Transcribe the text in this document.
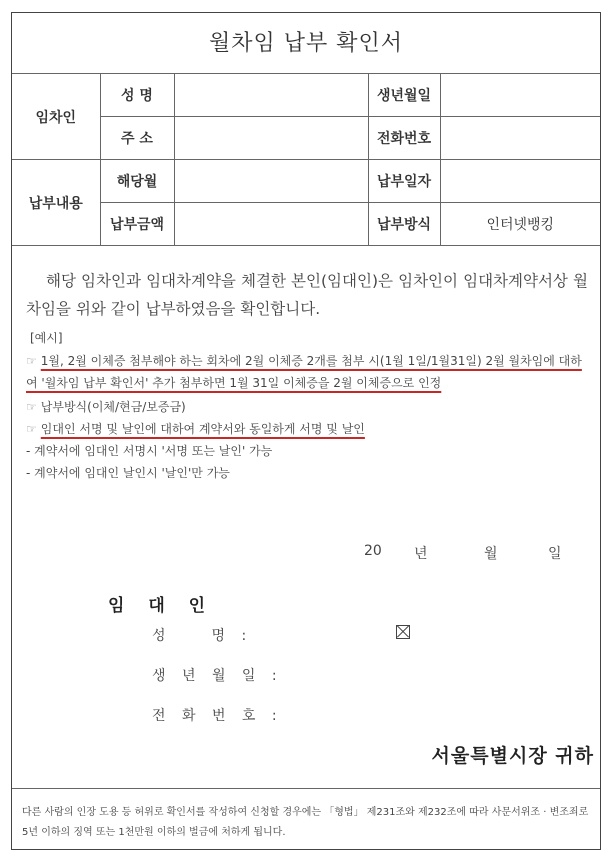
월차임 납부 확인서
임차인	성 명		생년월일	
	주 소		전화번호	
납부내용	해당월		납부일자	
	납부금액		납부방식	인터넷뱅킹
해당 임차인과 임대차계약을 체결한 본인(임대인)은 임차인이 임대차계약서상 월차임을 위와 같이 납부하였음을 확인합니다.
[예시]
☞ 1월, 2월 이체증 첨부해야 하는 회차에 2월 이체증 2개를 첨부 시(1월 1일/1월31일) 2월 월차임에 대하여 '월차임 납부 확인서' 추가 첨부하면 1월 31일 이체증을 2월 이체증으로 인정
☞ 납부방식(이체/현금/보증금)
☞ 임대인 서명 및 날인에 대하여 계약서와 동일하게 서명 및 날인
- 계약서에 임대인 서명시 '서명 또는 날인' 가능
- 계약서에 임대인 날인시 '날인'만 가능
20 년	월	일
임 대 인
성　　명 :
생 년 월 일 :
전 화 번 호 :
서울특별시장 귀하
다른 사람의 인장 도용 등 허위로 확인서를 작성하여 신청할 경우에는 「형법」 제231조와 제232조에 따라 사문서위조 · 변조죄로 5년 이하의 징역 또는 1천만원 이하의 벌금에 처하게 됩니다.
